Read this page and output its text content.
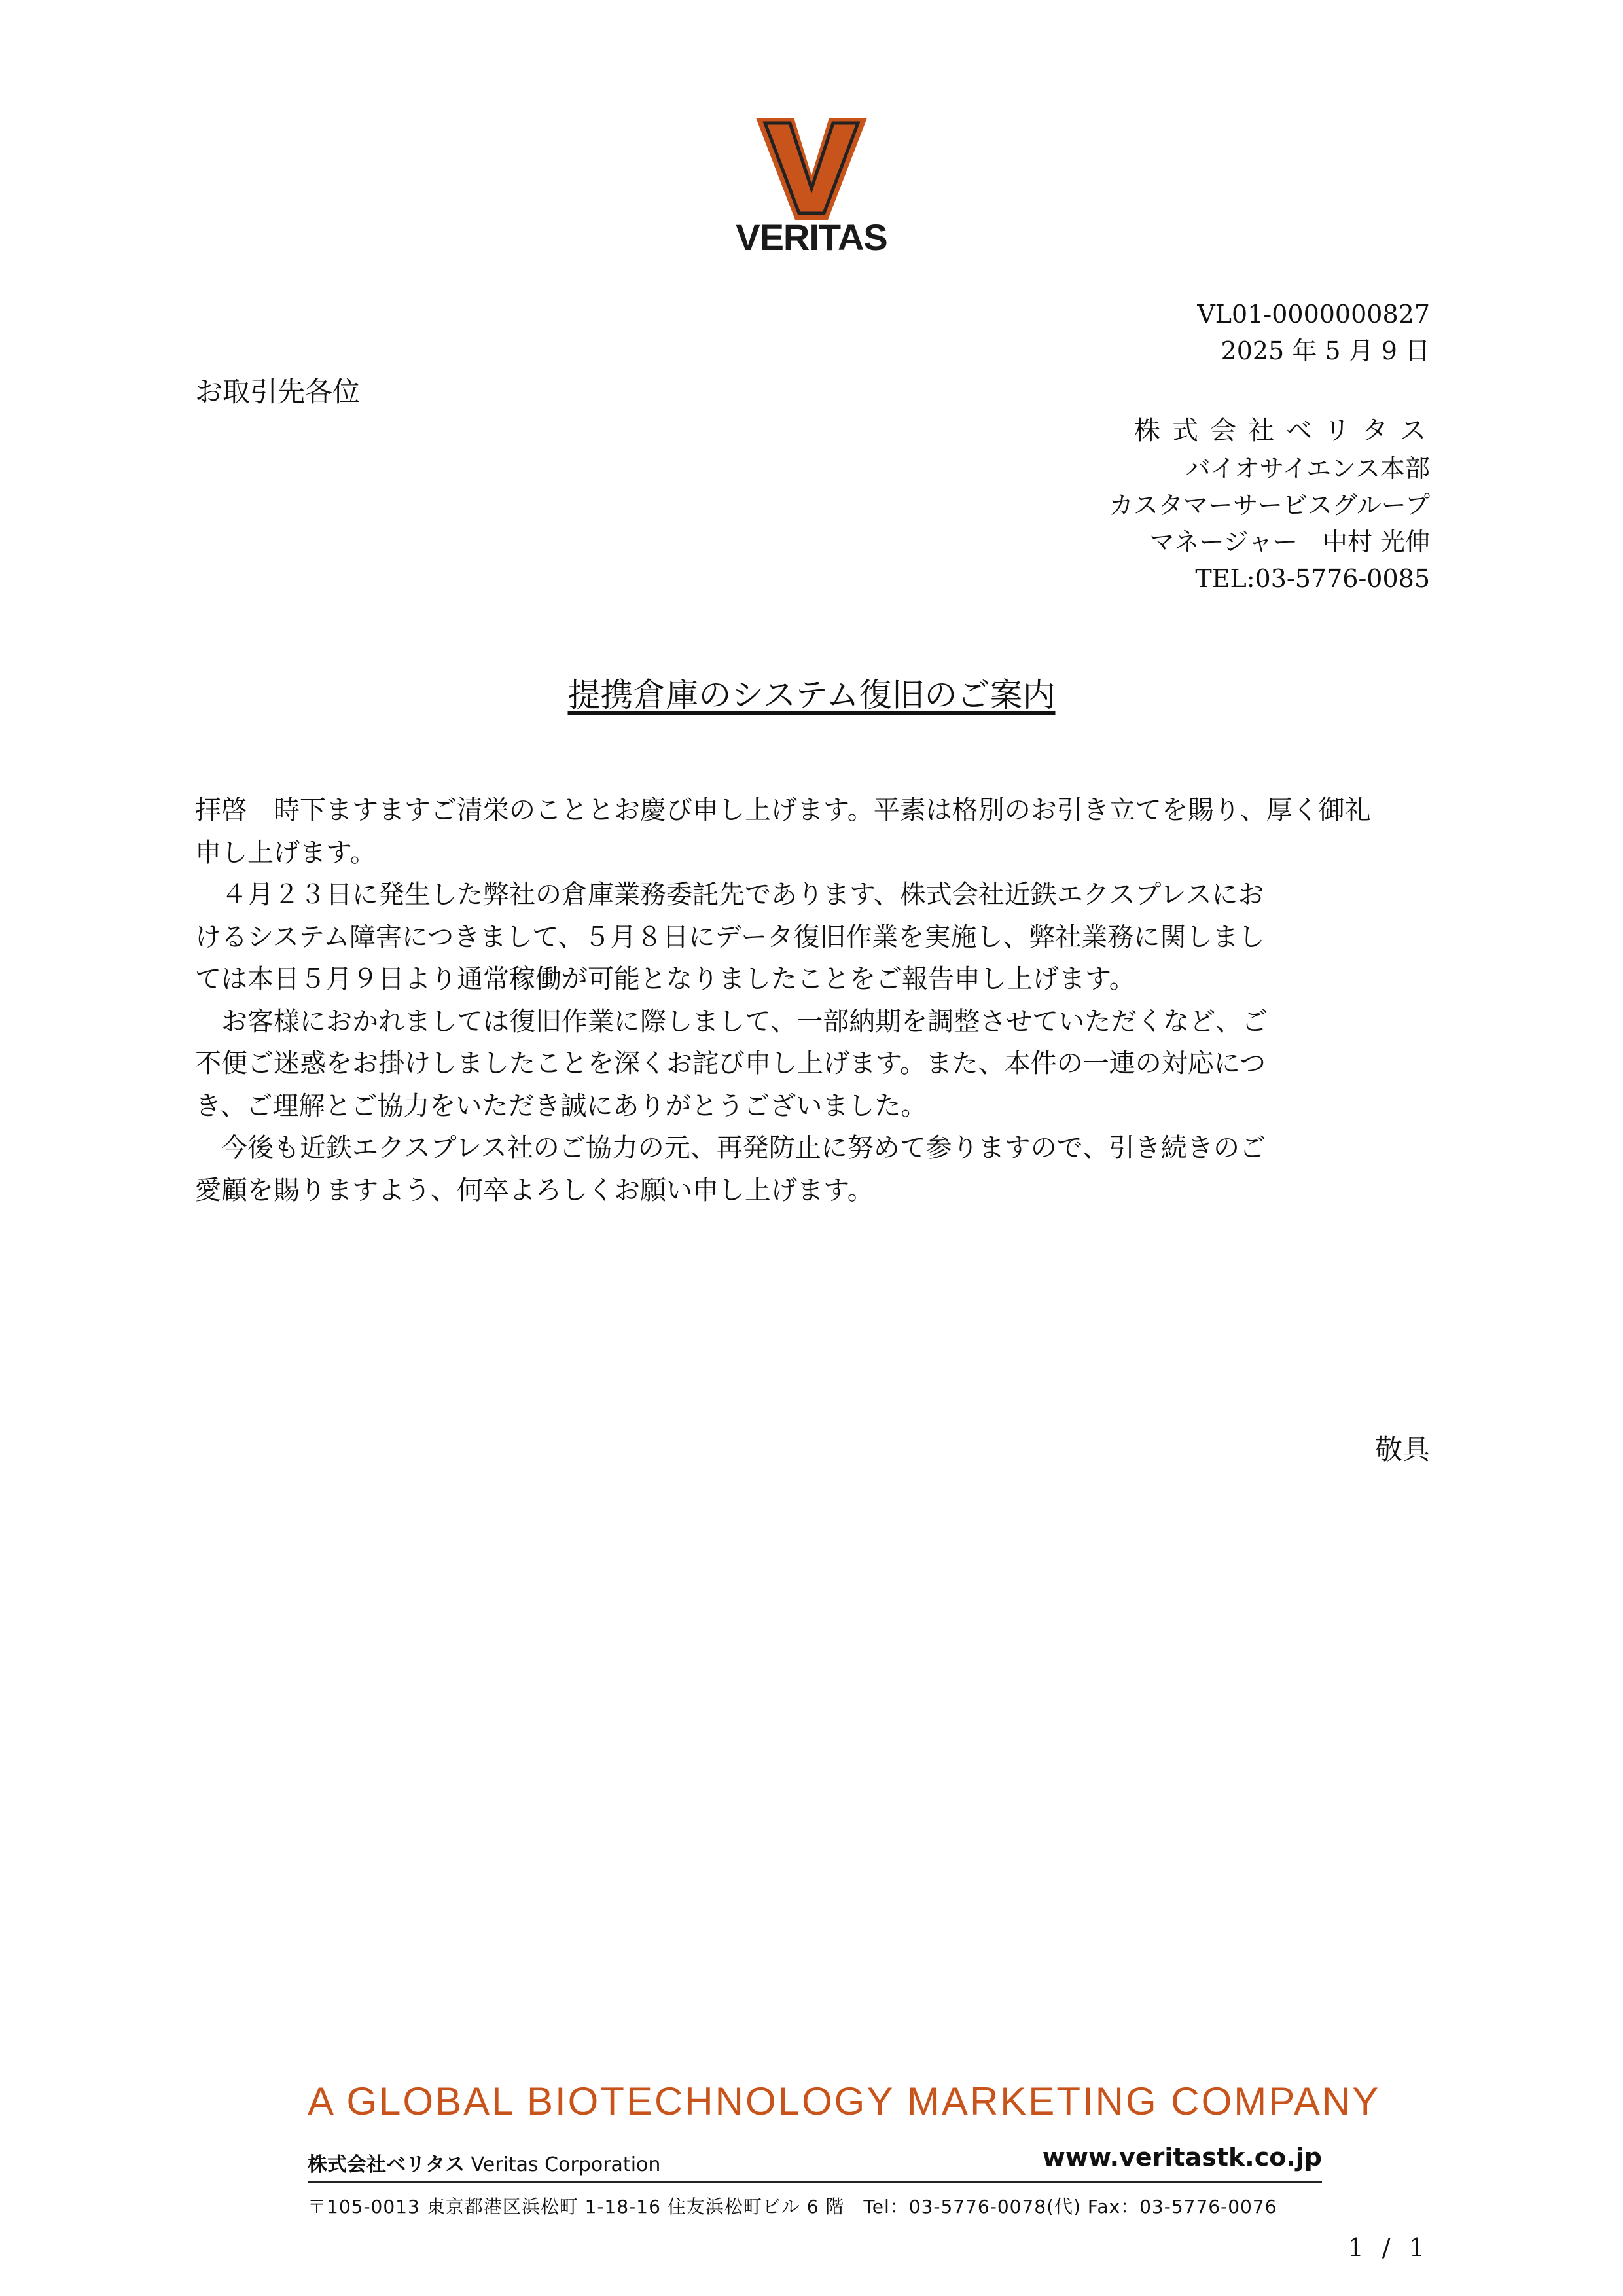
VERITAS
VL01-0000000827
2025 年 5 月 9 日
お取引先各位
株式会社ベリタス
バイオサイエンス本部
カスタマーサービスグループ
マネージャー　中村 光伸
TEL:03-5776-0085
提携倉庫のシステム復旧のご案内

拝啓　時下ますますご清栄のこととお慶び申し上げます。平素は格別のお引き立てを賜り、厚く御礼

申し上げます。

　４月２３日に発生した弊社の倉庫業務委託先であります、株式会社近鉄エクスプレスにお

けるシステム障害につきまして、５月８日にデータ復旧作業を実施し、弊社業務に関しまし

ては本日５月９日より通常稼働が可能となりましたことをご報告申し上げます。

　お客様におかれましては復旧作業に際しまして、一部納期を調整させていただくなど、ご

不便ご迷惑をお掛けしましたことを深くお詫び申し上げます。また、本件の一連の対応につ

き、ご理解とご協力をいただき誠にありがとうございました。

　今後も近鉄エクスプレス社のご協力の元、再発防止に努めて参りますので、引き続きのご

愛顧を賜りますよう、何卒よろしくお願い申し上げます。

敬具
A GLOBAL BIOTECHNOLOGY MARKETING COMPANY
株式会社ベリタス Veritas Corporation	www.veritastk.co.jp
〒105-0013 東京都港区浜松町 1-18-16 住友浜松町ビル 6 階　Tel：03-5776-0078(代) Fax：03-5776-0076
1 / 1
